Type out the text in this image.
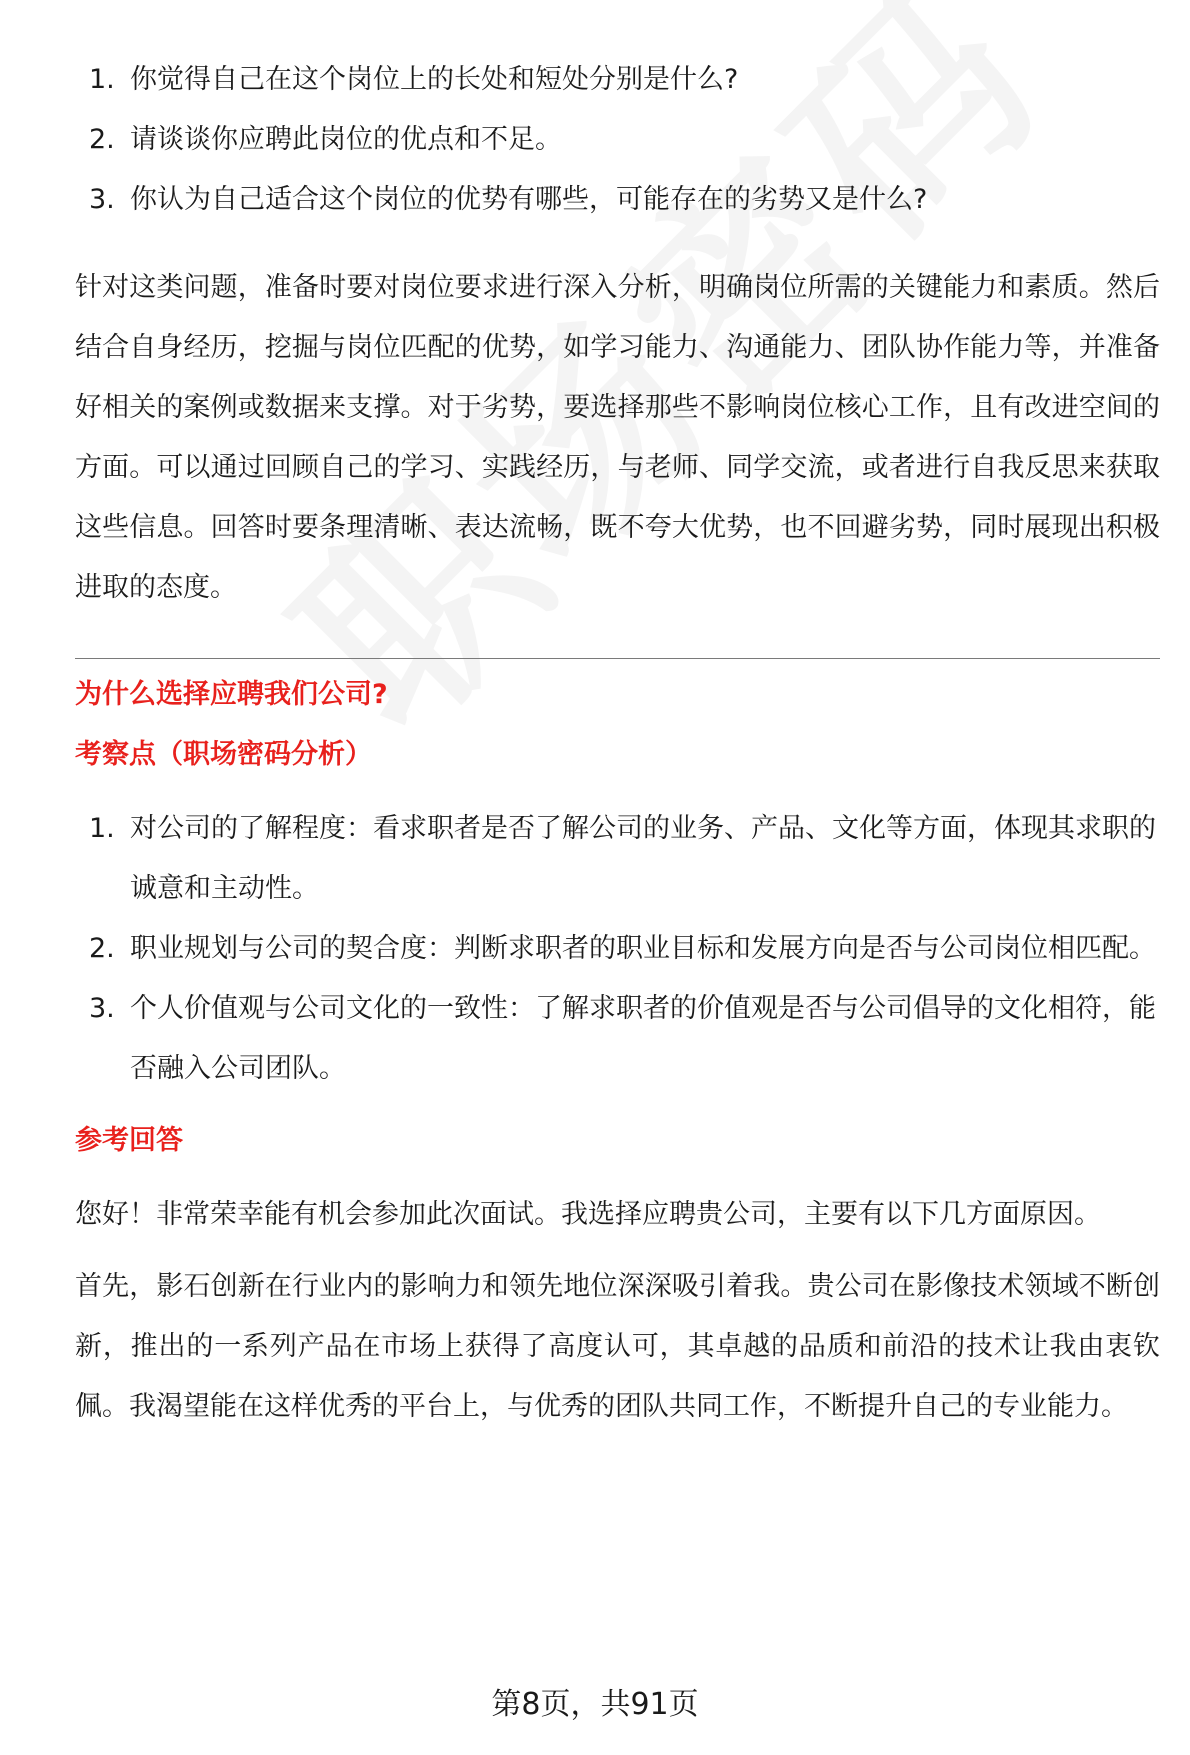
1. 你觉得自己在这个岗位上的长处和短处分别是什么?
2. 请谈谈你应聘此岗位的优点和不足。
3. 你认为自己适合这个岗位的优势有哪些，可能存在的劣势又是什么?

针对这类问题，准备时要对岗位要求进行深入分析，明确岗位所需的关键能力和素质。然后结合自身经历，挖掘与岗位匹配的优势，如学习能力、沟通能力、团队协作能力等，并准备好相关的案例或数据来支撑。对于劣势，要选择那些不影响岗位核心工作，且有改进空间的方面。可以通过回顾自己的学习、实践经历，与老师、同学交流，或者进行自我反思来获取这些信息。回答时要条理清晰、表达流畅，既不夸大优势，也不回避劣势，同时展现出积极进取的态度。

为什么选择应聘我们公司?

考察点（职场密码分析）

1. 对公司的了解程度：看求职者是否了解公司的业务、产品、文化等方面，体现其求职的诚意和主动性。
2. 职业规划与公司的契合度：判断求职者的职业目标和发展方向是否与公司岗位相匹配。
3. 个人价值观与公司文化的一致性：了解求职者的价值观是否与公司倡导的文化相符，能否融入公司团队。

参考回答

您好！非常荣幸能有机会参加此次面试。我选择应聘贵公司，主要有以下几方面原因。

首先，影石创新在行业内的影响力和领先地位深深吸引着我。贵公司在影像技术领域不断创新，推出的一系列产品在市场上获得了高度认可，其卓越的品质和前沿的技术让我由衷钦佩。我渴望能在这样优秀的平台上，与优秀的团队共同工作，不断提升自己的专业能力。

第8页，共91页
